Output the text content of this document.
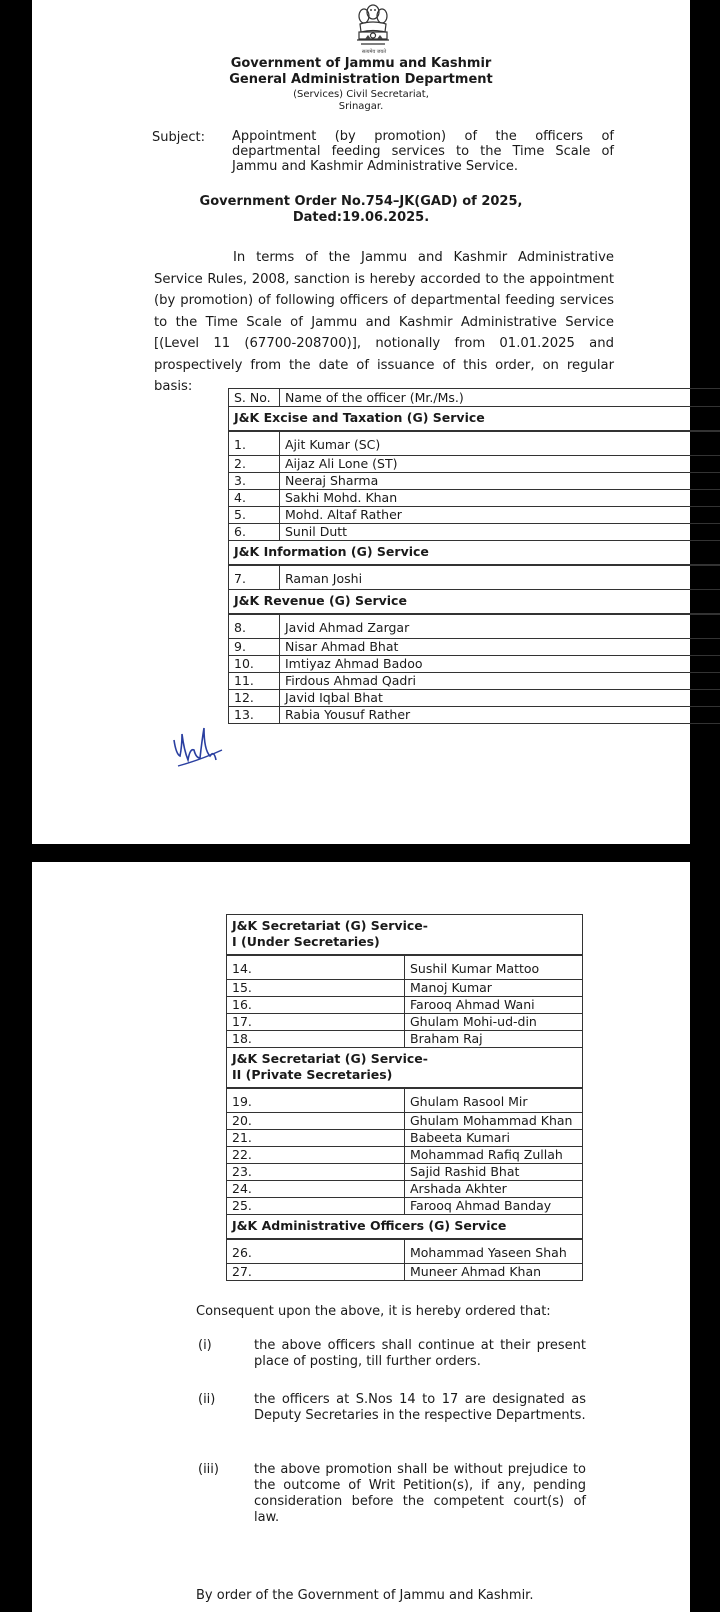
सत्यमेव जयते
Government of Jammu and Kashmir
General Administration Department
(Services) Civil Secretariat,
Srinagar.
Subject: Appointment (by promotion) of the officers of departmental feeding services to the Time Scale of Jammu and Kashmir Administrative Service.
Government Order No.754–JK(GAD) of 2025,
Dated:19.06.2025.
In terms of the Jammu and Kashmir Administrative Service Rules, 2008, sanction is hereby accorded to the appointment (by promotion) of following officers of departmental feeding services to the Time Scale of Jammu and Kashmir Administrative Service [(Level 11 (67700-208700)], notionally from 01.01.2025 and prospectively from the date of issuance of this order, on regular basis:
S. No.	Name of the officer (Mr./Ms.)
J&K Excise and Taxation (G) Service	
1.	Ajit Kumar (SC)
2.	Aijaz Ali Lone (ST)
3.	Neeraj Sharma
4.	Sakhi Mohd. Khan
5.	Mohd. Altaf Rather
6.	Sunil Dutt
J&K Information (G) Service	
7.	Raman Joshi
J&K Revenue (G) Service	
8.	Javid Ahmad Zargar
9.	Nisar Ahmad Bhat
10.	Imtiyaz Ahmad Badoo
11.	Firdous Ahmad Qadri
12.	Javid Iqbal Bhat
13.	Rabia Yousuf Rather
J&K Secretariat (G) Service-I (Under Secretaries)	
14.	Sushil Kumar Mattoo
15.	Manoj Kumar
16.	Farooq Ahmad Wani
17.	Ghulam Mohi-ud-din
18.	Braham Raj
J&K Secretariat (G) Service-II (Private Secretaries)	
19.	Ghulam Rasool Mir
20.	Ghulam Mohammad Khan
21.	Babeeta Kumari
22.	Mohammad Rafiq Zullah
23.	Sajid Rashid Bhat
24.	Arshada Akhter
25.	Farooq Ahmad Banday
J&K Administrative Officers (G) Service	
26.	Mohammad Yaseen Shah
27.	Muneer Ahmad Khan
Consequent upon the above, it is hereby ordered that:
(i)	the above officers shall continue at their present place of posting, till further orders.
(ii)	the officers at S.Nos 14 to 17 are designated as Deputy Secretaries in the respective Departments.
(iii)	the above promotion shall be without prejudice to the outcome of Writ Petition(s), if any, pending consideration before the competent court(s) of law.
By order of the Government of Jammu and Kashmir.
